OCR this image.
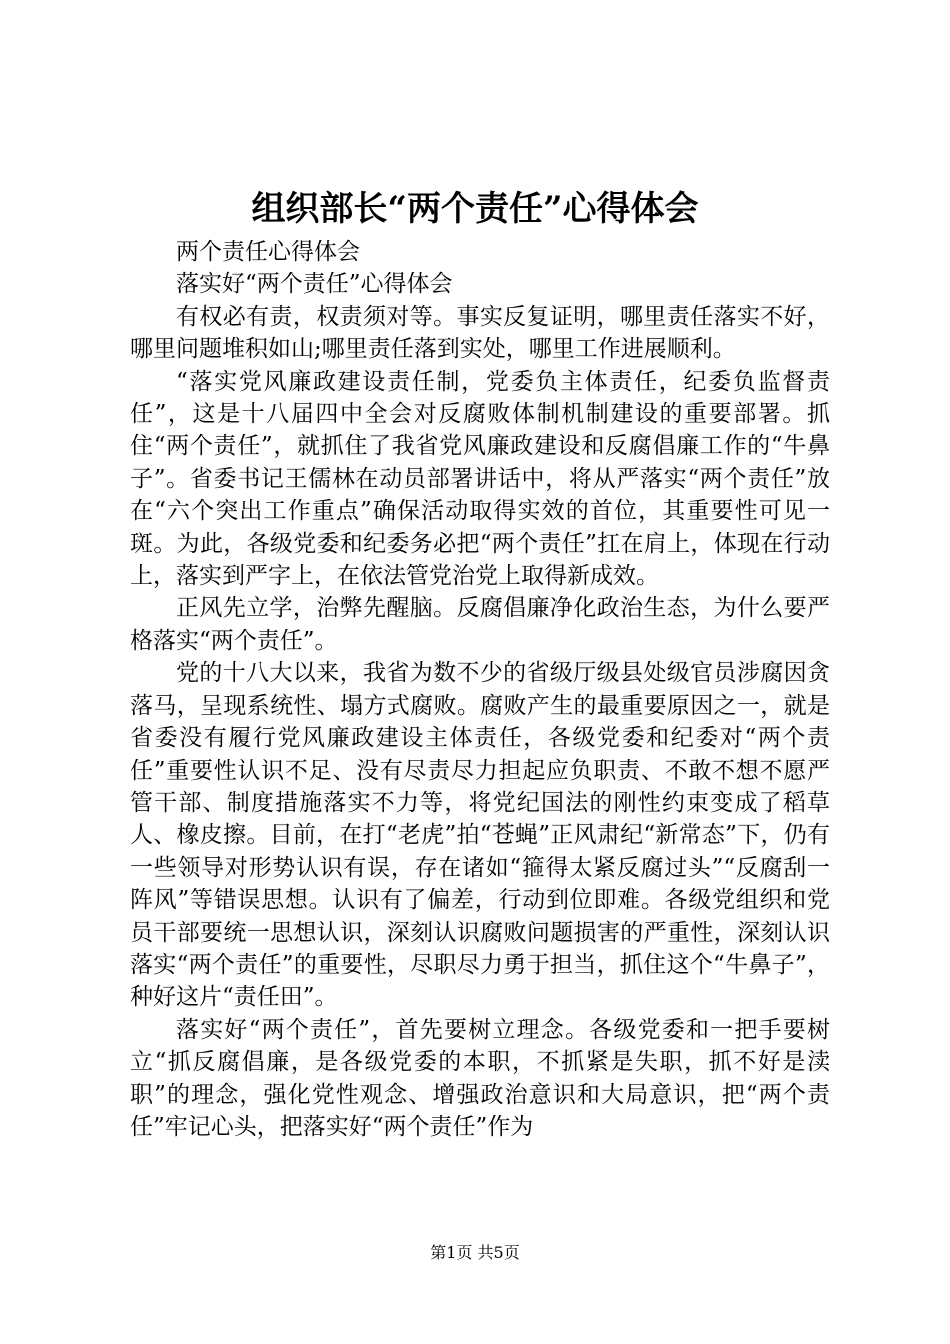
组织部长“两个责任”心得体会

两个责任心得体会

落实好“两个责任”心得体会

有权必有责，权责须对等。事实反复证明，哪里责任落实不好，哪里问题堆积如山;哪里责任落到实处，哪里工作进展顺利。

“落实党风廉政建设责任制，党委负主体责任，纪委负监督责任”，这是十八届四中全会对反腐败体制机制建设的重要部署。抓住“两个责任”，就抓住了我省党风廉政建设和反腐倡廉工作的“牛鼻子”。省委书记王儒林在动员部署讲话中，将从严落实“两个责任”放在“六个突出工作重点”确保活动取得实效的首位，其重要性可见一斑。为此，各级党委和纪委务必把“两个责任”扛在肩上，体现在行动上，落实到严字上，在依法管党治党上取得新成效。

正风先立学，治弊先醒脑。反腐倡廉净化政治生态，为什么要严格落实“两个责任”。

党的十八大以来，我省为数不少的省级厅级县处级官员涉腐因贪落马，呈现系统性、塌方式腐败。腐败产生的最重要原因之一，就是省委没有履行党风廉政建设主体责任，各级党委和纪委对“两个责任”重要性认识不足、没有尽责尽力担起应负职责、不敢不想不愿严管干部、制度措施落实不力等，将党纪国法的刚性约束变成了稻草人、橡皮擦。目前，在打“老虎”拍“苍蝇”正风肃纪“新常态”下，仍有一些领导对形势认识有误，存在诸如“箍得太紧反腐过头”“反腐刮一阵风”等错误思想。认识有了偏差，行动到位即难。各级党组织和党员干部要统一思想认识，深刻认识腐败问题损害的严重性，深刻认识落实“两个责任”的重要性，尽职尽力勇于担当，抓住这个“牛鼻子”，种好这片“责任田”。

落实好“两个责任”，首先要树立理念。各级党委和一把手要树立“抓反腐倡廉，是各级党委的本职，不抓紧是失职，抓不好是渎职”的理念，强化党性观念、增强政治意识和大局意识，把“两个责任”牢记心头，把落实好“两个责任”作为

第1页 共5页
